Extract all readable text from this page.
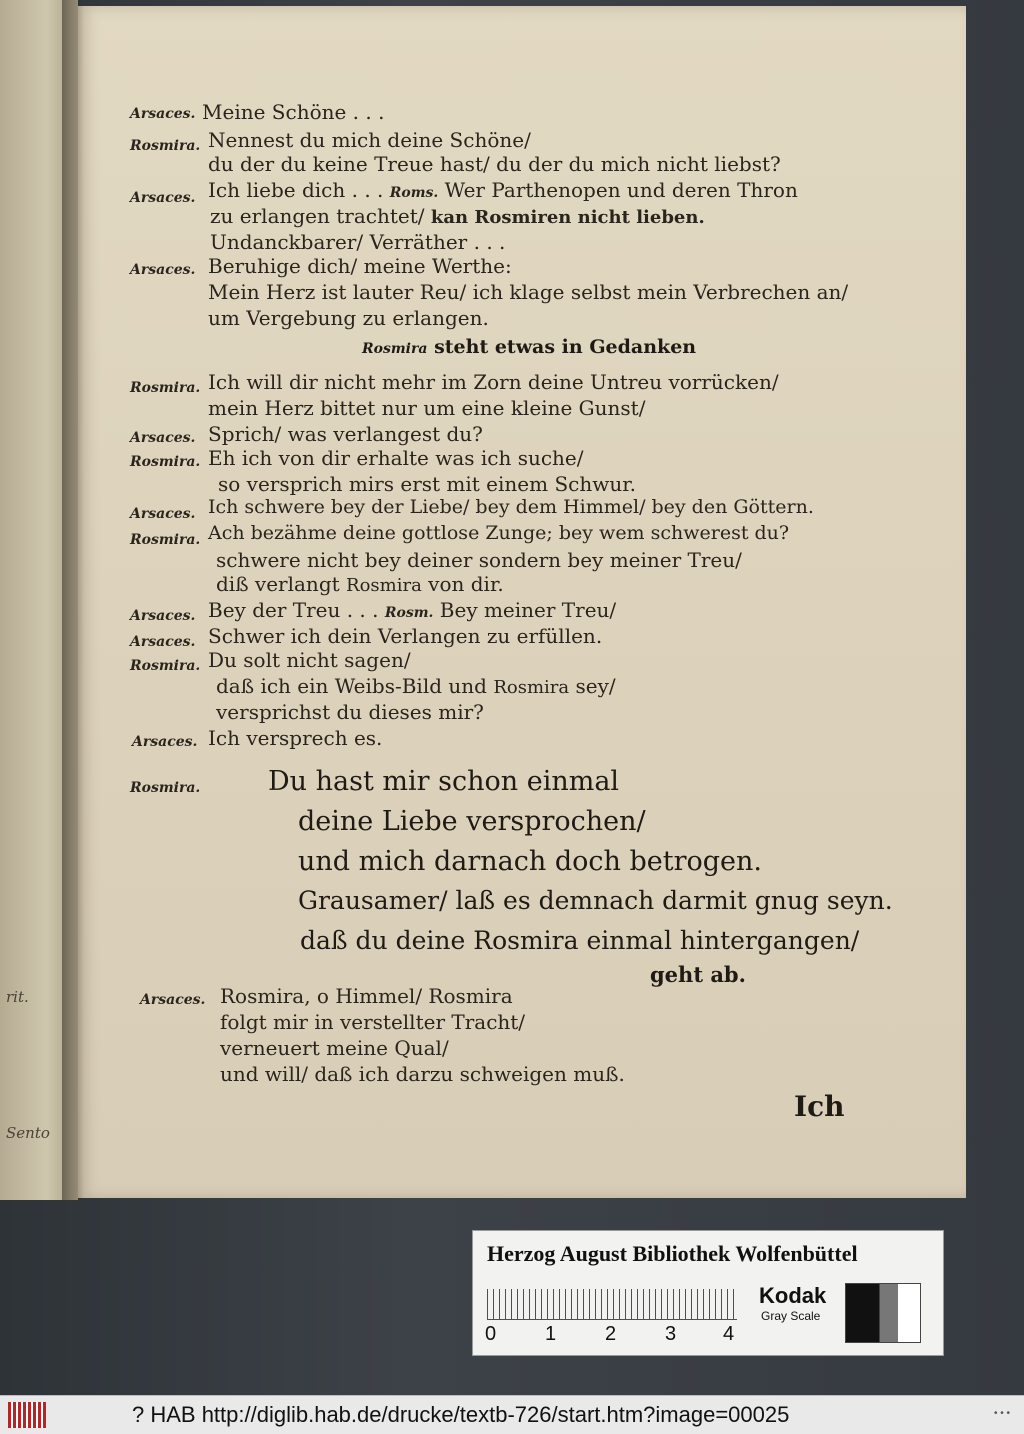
rit.
Sento
Arsaces. Meine Schöne . . .
Rosmira. Nennest du mich deine Schöne/
du der du keine Treue hast/ du der du mich nicht liebst?
Arsaces. Ich liebe dich . . . Roms. Wer Parthenopen und deren Thron
zu erlangen trachtet/ kan Rosmiren nicht lieben.
Undanckbarer/ Verräther . . .
Arsaces. Beruhige dich/ meine Werthe:
Mein Herz ist lauter Reu/ ich klage selbst mein Verbrechen an/
um Vergebung zu erlangen.
Rosmira steht etwas in Gedanken
Rosmira. Ich will dir nicht mehr im Zorn deine Untreu vorrücken/
mein Herz bittet nur um eine kleine Gunst/
Arsaces. Sprich/ was verlangest du?
Rosmira. Eh ich von dir erhalte was ich suche/
so versprich mirs erst mit einem Schwur.
Arsaces. Ich schwere bey der Liebe/ bey dem Himmel/ bey den Göttern.
Rosmira. Ach bezähme deine gottlose Zunge; bey wem schwerest du?
schwere nicht bey deiner sondern bey meiner Treu/
diß verlangt Rosmira von dir.
Arsaces. Bey der Treu . . . Rosm. Bey meiner Treu/
Arsaces. Schwer ich dein Verlangen zu erfüllen.
Rosmira. Du solt nicht sagen/
daß ich ein Weibs-Bild und Rosmira sey/
versprichst du dieses mir?
Arsaces. Ich versprech es.
Rosmira.	Du hast mir schon einmal
deine Liebe versprochen/
und mich darnach doch betrogen.
Grausamer/ laß es demnach darmit gnug seyn.
daß du deine Rosmira einmal hintergangen/
geht ab.
Arsaces. Rosmira, o Himmel/ Rosmira
folgt mir in verstellter Tracht/
verneuert meine Qual/
und will/ daß ich darzu schweigen muß.
Ich
Herzog August Bibliothek Wolfenbüttel
0 1 2 3 4
Kodak
Gray Scale
? HAB http://diglib.hab.de/drucke/textb-726/start.htm?image=00025	• • •
